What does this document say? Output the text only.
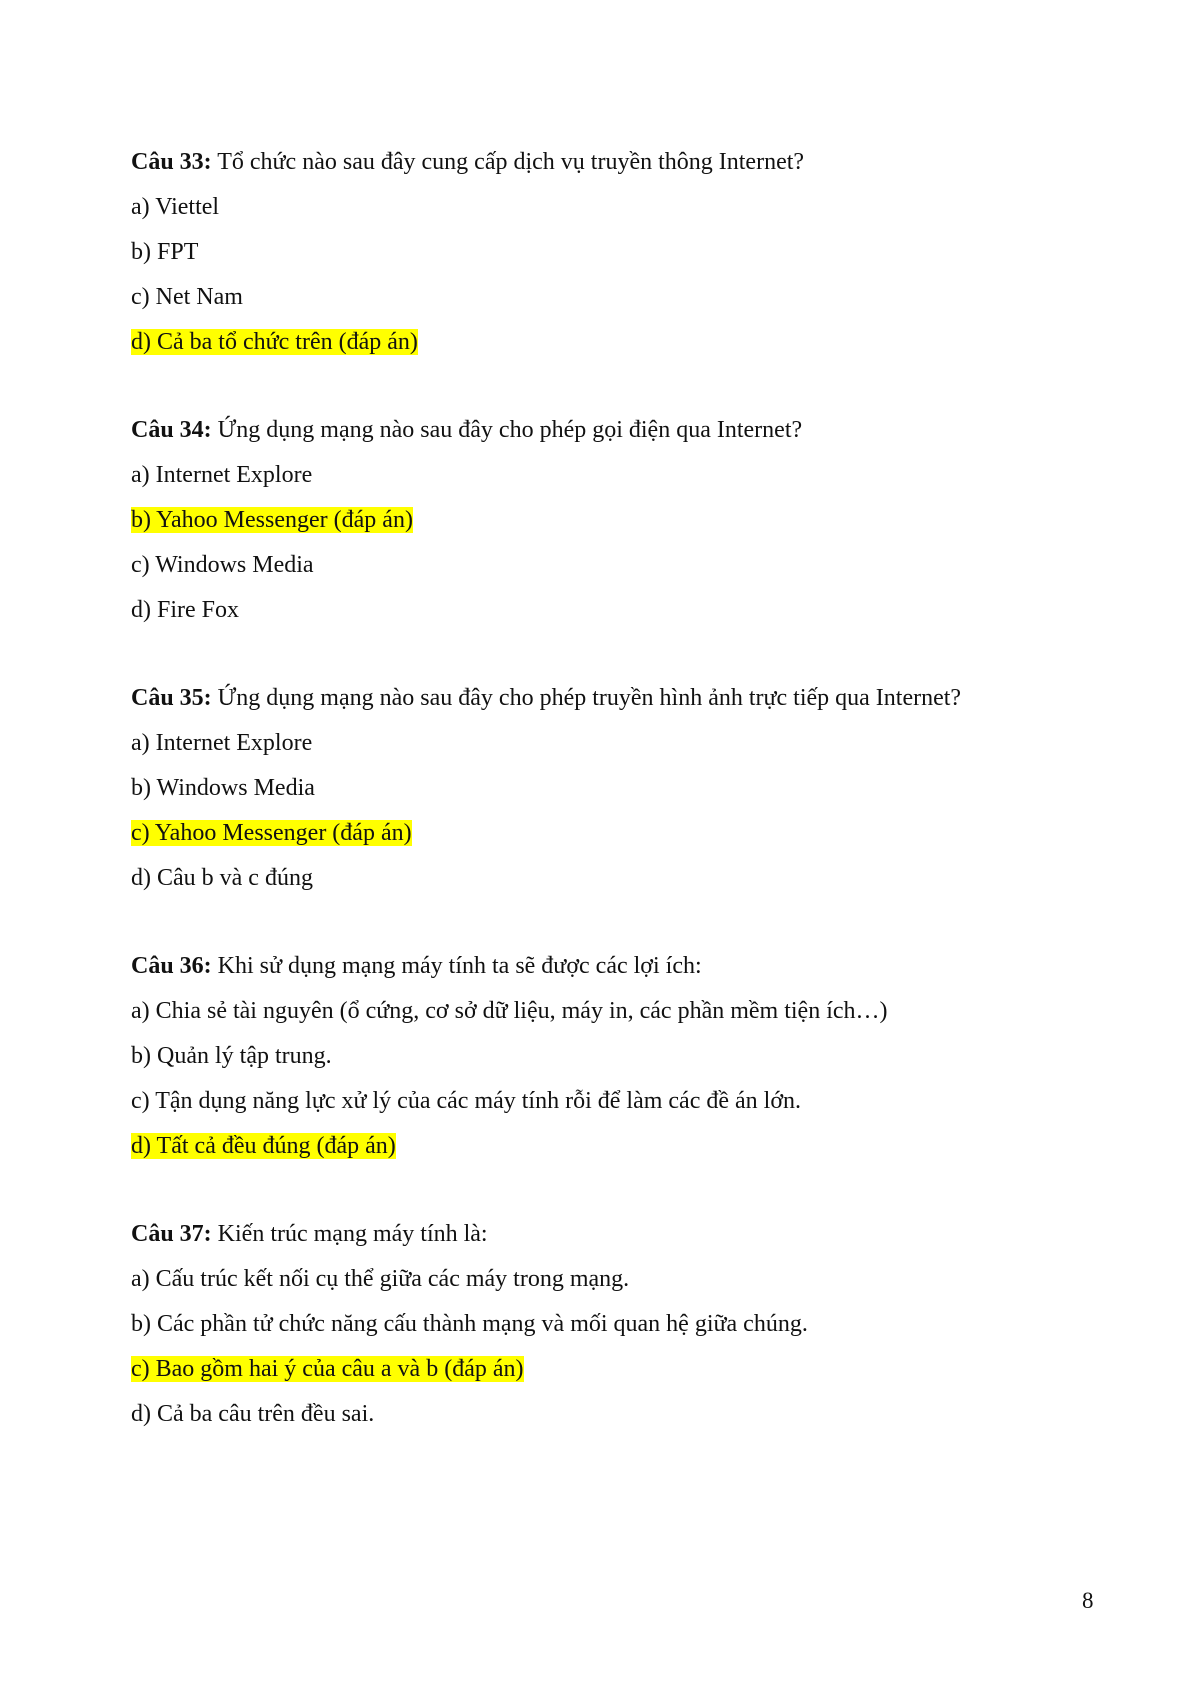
Câu 33: Tổ chức nào sau đây cung cấp dịch vụ truyền thông Internet?
a) Viettel
b) FPT
c) Net Nam
d) Cả ba tổ chức trên (đáp án)
Câu 34: Ứng dụng mạng nào sau đây cho phép gọi điện qua Internet?
a) Internet Explore
b) Yahoo Messenger (đáp án)
c) Windows Media
d) Fire Fox
Câu 35: Ứng dụng mạng nào sau đây cho phép truyền hình ảnh trực tiếp qua Internet?
a) Internet Explore
b) Windows Media
c) Yahoo Messenger (đáp án)
d) Câu b và c đúng
Câu 36: Khi sử dụng mạng máy tính ta sẽ được các lợi ích:
a) Chia sẻ tài nguyên (ổ cứng, cơ sở dữ liệu, máy in, các phần mềm tiện ích…)
b) Quản lý tập trung.
c) Tận dụng năng lực xử lý của các máy tính rỗi để làm các đề án lớn.
d) Tất cả đều đúng (đáp án)
Câu 37: Kiến trúc mạng máy tính là:
a) Cấu trúc kết nối cụ thể giữa các máy trong mạng.
b) Các phần tử chức năng cấu thành mạng và mối quan hệ giữa chúng.
c) Bao gồm hai ý của câu a và b (đáp án)
d) Cả ba câu trên đều sai.
8
